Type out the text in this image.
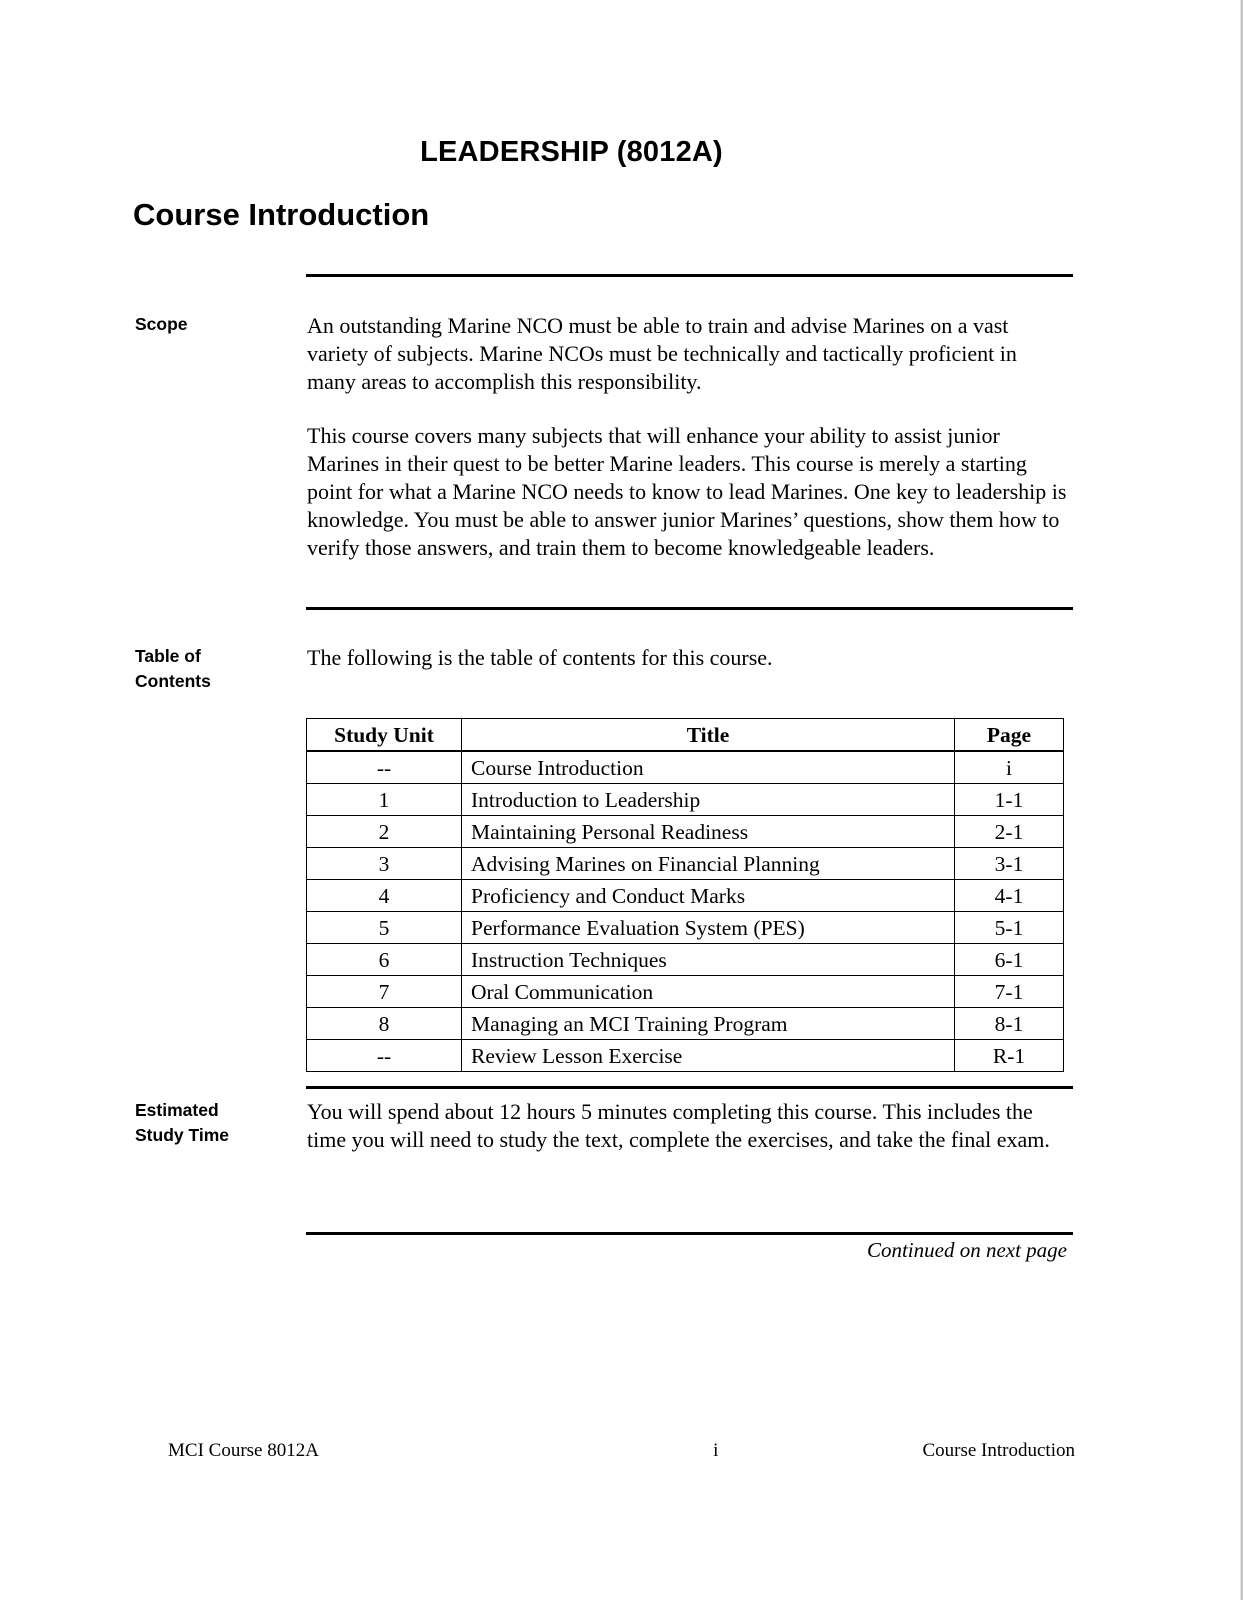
LEADERSHIP (8012A)
Course Introduction
Scope	An outstanding Marine NCO must be able to train and advise Marines on a vast variety of subjects. Marine NCOs must be technically and tactically proficient in many areas to accomplish this responsibility.

This course covers many subjects that will enhance your ability to assist junior Marines in their quest to be better Marine leaders. This course is merely a starting point for what a Marine NCO needs to know to lead Marines. One key to leadership is knowledge. You must be able to answer junior Marines’ questions, show them how to verify those answers, and train them to become knowledgeable leaders.

Table of
Contents

The following is the table of contents for this course.

Study Unit	Title	Page
--	Course Introduction	i
1	Introduction to Leadership	1-1
2	Maintaining Personal Readiness	2-1
3	Advising Marines on Financial Planning	3-1
4	Proficiency and Conduct Marks	4-1
5	Performance Evaluation System (PES)	5-1
6	Instruction Techniques	6-1
7	Oral Communication	7-1
8	Managing an MCI Training Program	8-1
--	Review Lesson Exercise	R-1
Estimated
Study Time

You will spend about 12 hours 5 minutes completing this course. This includes the time you will need to study the text, complete the exercises, and take the final exam.

Continued on next page
MCI Course 8012A	i	Course Introduction
